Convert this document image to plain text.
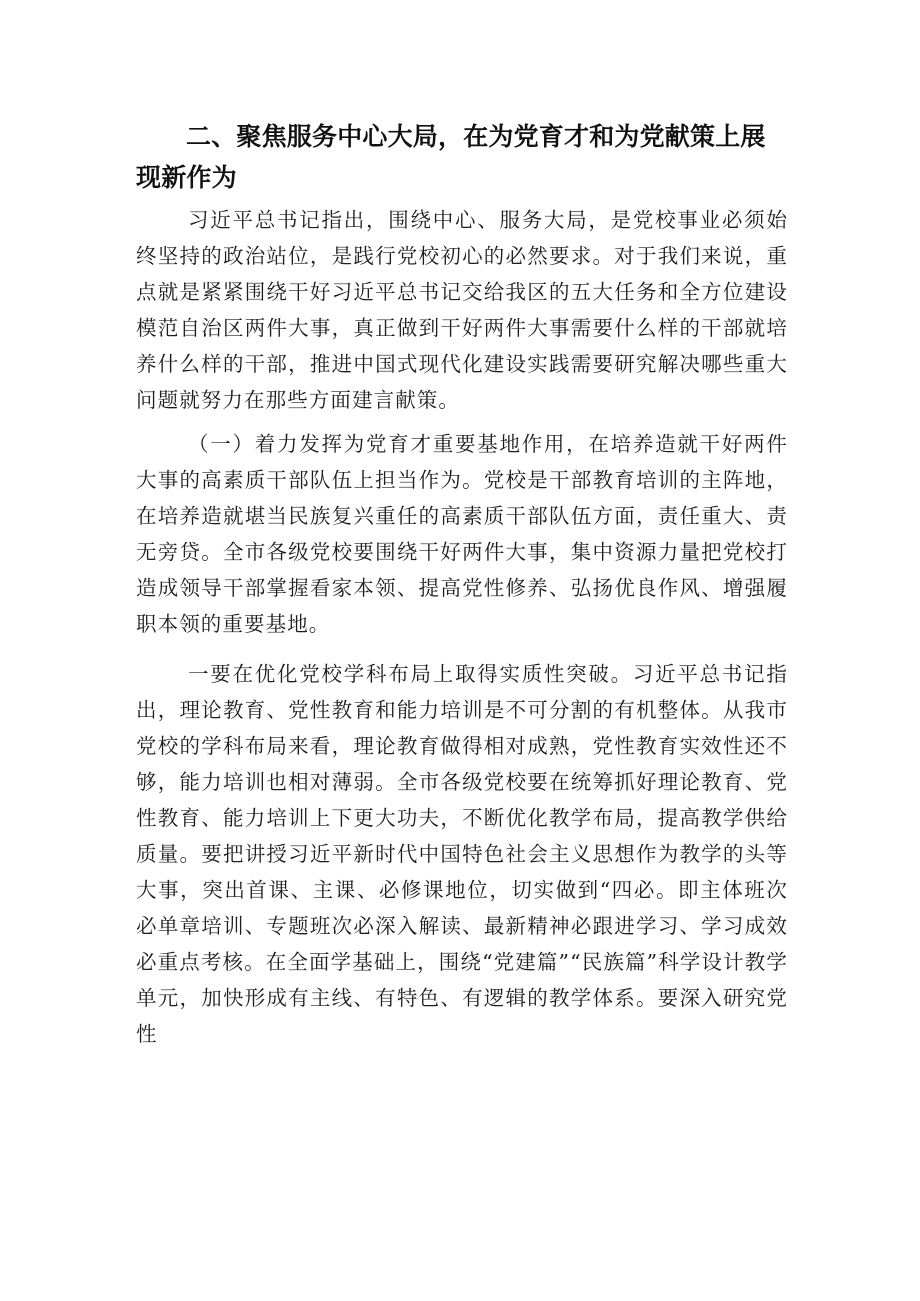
二、聚焦服务中心大局，在为党育才和为党献策上展现新作为

习近平总书记指出，围绕中心、服务大局，是党校事业必须始终坚持的政治站位，是践行党校初心的必然要求。对于我们来说，重点就是紧紧围绕干好习近平总书记交给我区的五大任务和全方位建设模范自治区两件大事，真正做到干好两件大事需要什么样的干部就培养什么样的干部，推进中国式现代化建设实践需要研究解决哪些重大问题就努力在那些方面建言献策。

（一）着力发挥为党育才重要基地作用，在培养造就干好两件大事的高素质干部队伍上担当作为。党校是干部教育培训的主阵地，在培养造就堪当民族复兴重任的高素质干部队伍方面，责任重大、责无旁贷。全市各级党校要围绕干好两件大事，集中资源力量把党校打造成领导干部掌握看家本领、提高党性修养、弘扬优良作风、增强履职本领的重要基地。

一要在优化党校学科布局上取得实质性突破。习近平总书记指出，理论教育、党性教育和能力培训是不可分割的有机整体。从我市党校的学科布局来看，理论教育做得相对成熟，党性教育实效性还不够，能力培训也相对薄弱。全市各级党校要在统筹抓好理论教育、党性教育、能力培训上下更大功夫，不断优化教学布局，提高教学供给质量。要把讲授习近平新时代中国特色社会主义思想作为教学的头等大事，突出首课、主课、必修课地位，切实做到“四必。即主体班次必单章培训、专题班次必深入解读、最新精神必跟进学习、学习成效必重点考核。在全面学基础上，围绕“党建篇”“民族篇”科学设计教学单元，加快形成有主线、有特色、有逻辑的教学体系。要深入研究党性
